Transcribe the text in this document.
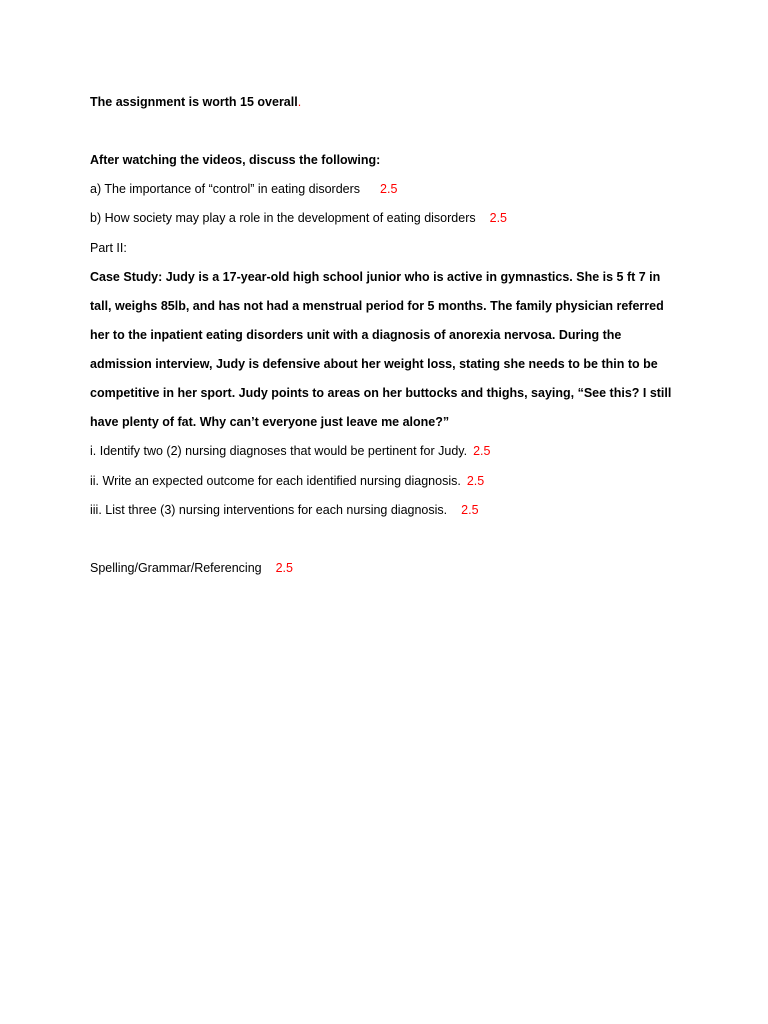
The assignment is worth 15 overall.
After watching the videos, discuss the following:
a) The importance of “control” in eating disorders 2.5
b) How society may play a role in the development of eating disorders 2.5
Part II:
Case Study: Judy is a 17-year-old high school junior who is active in gymnastics. She is 5 ft 7 in
tall, weighs 85lb, and has not had a menstrual period for 5 months. The family physician referred
her to the inpatient eating disorders unit with a diagnosis of anorexia nervosa. During the
admission interview, Judy is defensive about her weight loss, stating she needs to be thin to be
competitive in her sport. Judy points to areas on her buttocks and thighs, saying, “See this? I still
have plenty of fat. Why can’t everyone just leave me alone?”
i. Identify two (2) nursing diagnoses that would be pertinent for Judy. 2.5
ii. Write an expected outcome for each identified nursing diagnosis. 2.5
iii. List three (3) nursing interventions for each nursing diagnosis. 2.5
Spelling/Grammar/Referencing 2.5
